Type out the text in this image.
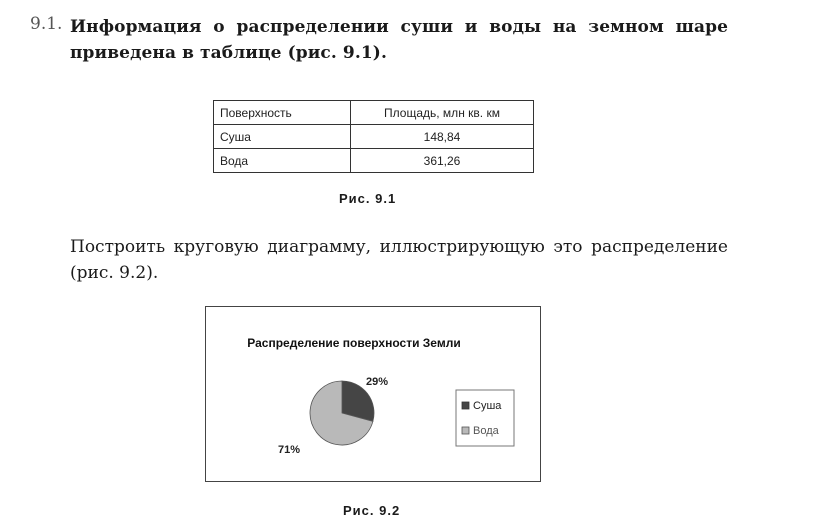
9.1. Информация о распределении суши и воды на земном шаре приведена в таблице (рис. 9.1).
Поверхность	Площадь, млн кв. км
Суша	148,84
Вода	361,26
Рис. 9.1
Построить круговую диаграмму, иллюстрирующую это распределение (рис. 9.2).
Распределение поверхности Земли
29%
71%
Суша
Вода
Рис. 9.2
